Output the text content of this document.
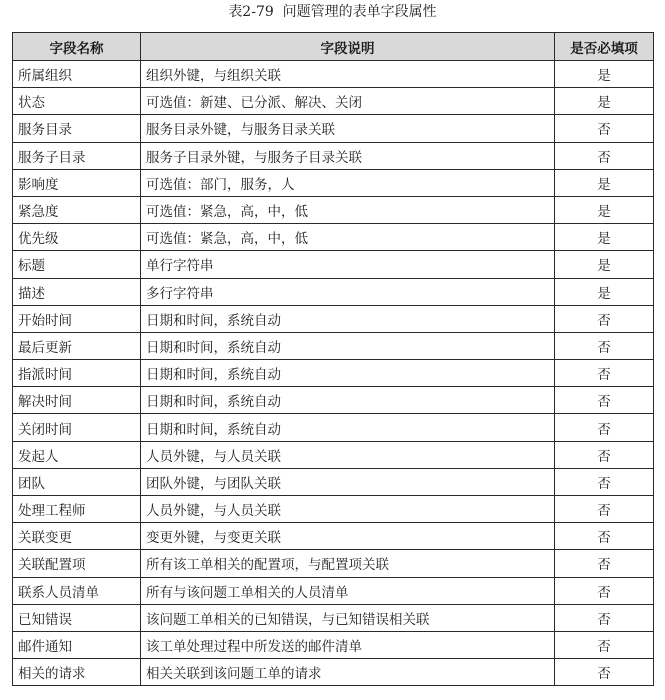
表2-79  问题管理的表单字段属性
字段名称	字段说明	是否必填项
所属组织	组织外键，与组织关联	是
状态	可选值：新建、已分派、解决、关闭	是
服务目录	服务目录外键，与服务目录关联	否
服务子目录	服务子目录外键，与服务子目录关联	否
影响度	可选值：部门，服务，人	是
紧急度	可选值：紧急，高，中，低	是
优先级	可选值：紧急，高，中，低	是
标题	单行字符串	是
描述	多行字符串	是
开始时间	日期和时间，系统自动	否
最后更新	日期和时间，系统自动	否
指派时间	日期和时间，系统自动	否
解决时间	日期和时间，系统自动	否
关闭时间	日期和时间，系统自动	否
发起人	人员外键，与人员关联	否
团队	团队外键，与团队关联	否
处理工程师	人员外键，与人员关联	否
关联变更	变更外键，与变更关联	否
关联配置项	所有该工单相关的配置项，与配置项关联	否
联系人员清单	所有与该问题工单相关的人员清单	否
已知错误	该问题工单相关的已知错误，与已知错误相关联	否
邮件通知	该工单处理过程中所发送的邮件清单	否
相关的请求	相关关联到该问题工单的请求	否
